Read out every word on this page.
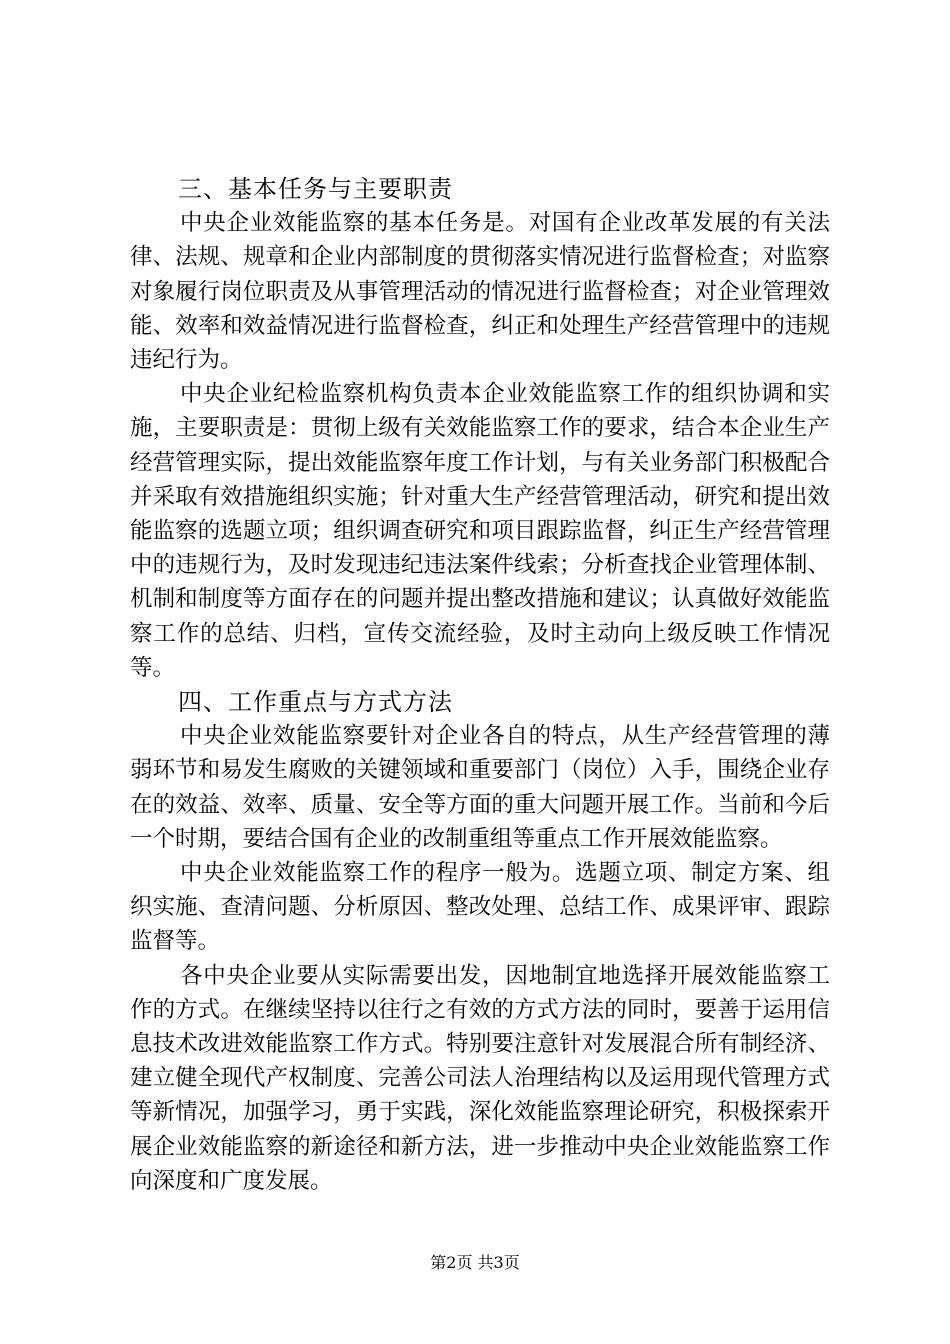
三、基本任务与主要职责

中央企业效能监察的基本任务是。对国有企业改革发展的有关法律、法规、规章和企业内部制度的贯彻落实情况进行监督检查；对监察对象履行岗位职责及从事管理活动的情况进行监督检查；对企业管理效能、效率和效益情况进行监督检查，纠正和处理生产经营管理中的违规违纪行为。

中央企业纪检监察机构负责本企业效能监察工作的组织协调和实施，主要职责是：贯彻上级有关效能监察工作的要求，结合本企业生产经营管理实际，提出效能监察年度工作计划，与有关业务部门积极配合并采取有效措施组织实施；针对重大生产经营管理活动，研究和提出效能监察的选题立项；组织调查研究和项目跟踪监督，纠正生产经营管理中的违规行为，及时发现违纪违法案件线索；分析查找企业管理体制、机制和制度等方面存在的问题并提出整改措施和建议；认真做好效能监察工作的总结、归档，宣传交流经验，及时主动向上级反映工作情况等。

四、工作重点与方式方法

中央企业效能监察要针对企业各自的特点，从生产经营管理的薄弱环节和易发生腐败的关键领域和重要部门（岗位）入手，围绕企业存在的效益、效率、质量、安全等方面的重大问题开展工作。当前和今后一个时期，要结合国有企业的改制重组等重点工作开展效能监察。

中央企业效能监察工作的程序一般为。选题立项、制定方案、组织实施、查清问题、分析原因、整改处理、总结工作、成果评审、跟踪监督等。

各中央企业要从实际需要出发，因地制宜地选择开展效能监察工作的方式。在继续坚持以往行之有效的方式方法的同时，要善于运用信息技术改进效能监察工作方式。特别要注意针对发展混合所有制经济、建立健全现代产权制度、完善公司法人治理结构以及运用现代管理方式等新情况，加强学习，勇于实践，深化效能监察理论研究，积极探索开展企业效能监察的新途径和新方法，进一步推动中央企业效能监察工作向深度和广度发展。

第2页 共3页
